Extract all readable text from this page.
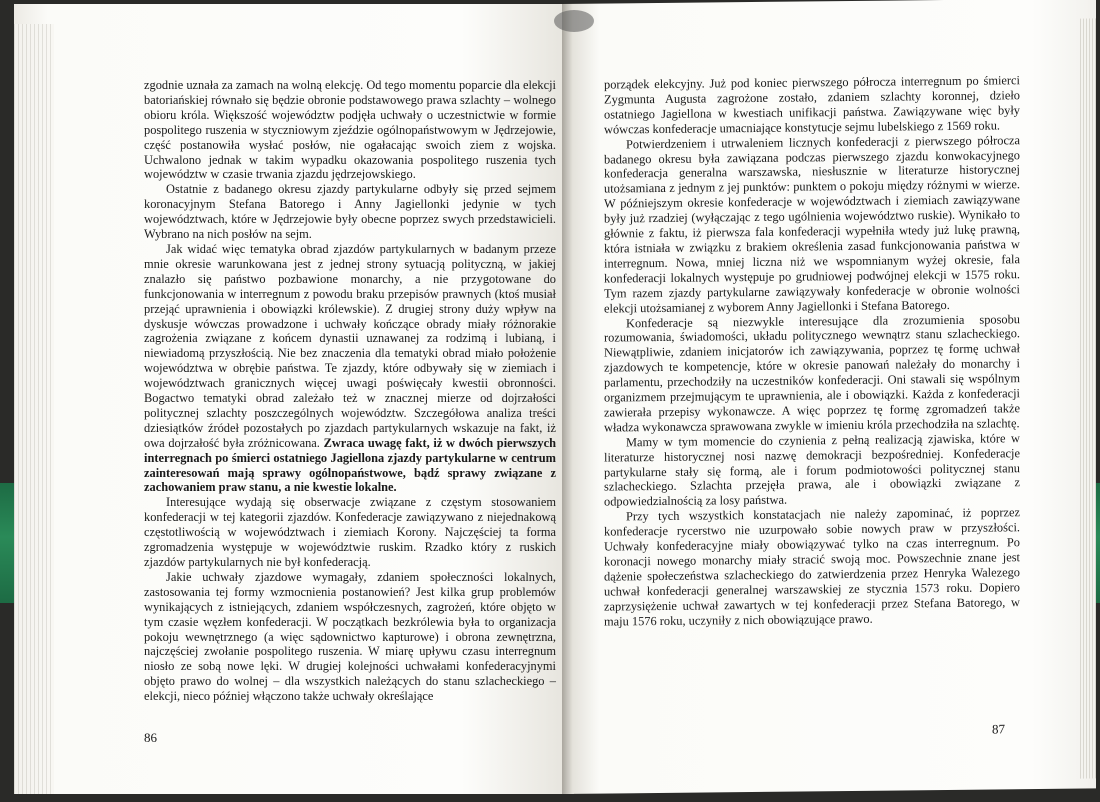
zgodnie uznała za zamach na wolną elekcję. Od tego momentu poparcie dla elekcji batoriańskiej równało się będzie obronie podstawowego prawa szlachty – wolnego obioru króla. Większość województw podjęła uchwały o uczestnictwie w formie pospolitego ruszenia w styczniowym zjeździe ogólnopaństwowym w Jędrzejowie, część postanowiła wysłać posłów, nie ogałacając swoich ziem z wojska. Uchwalono jednak w takim wypadku okazowania pospolitego ruszenia tych województw w czasie trwania zjazdu jędrzejowskiego.

Ostatnie z badanego okresu zjazdy partykularne odbyły się przed sejmem koronacyjnym Stefana Batorego i Anny Jagiellonki jedynie w tych województwach, które w Jędrzejowie były obecne poprzez swych przedstawicieli. Wybrano na nich posłów na sejm.

Jak widać więc tematyka obrad zjazdów partykularnych w badanym przeze mnie okresie warunkowana jest z jednej strony sytuacją polityczną, w jakiej znalazło się państwo pozbawione monarchy, a nie przygotowane do funkcjonowania w interregnum z powodu braku przepisów prawnych (ktoś musiał przejąć uprawnienia i obowiązki królewskie). Z drugiej strony duży wpływ na dyskusje wówczas prowadzone i uchwały kończące obrady miały różnorakie zagrożenia związane z końcem dynastii uznawanej za rodzimą i lubianą, i niewiadomą przyszłością. Nie bez znaczenia dla tematyki obrad miało położenie województwa w obrębie państwa. Te zjazdy, które odbywały się w ziemiach i województwach granicznych więcej uwagi poświęcały kwestii obronności. Bogactwo tematyki obrad zależało też w znacznej mierze od dojrzałości politycznej szlachty poszczególnych województw. Szczegółowa analiza treści dziesiątków źródeł pozostałych po zjazdach partykularnych wskazuje na fakt, iż owa dojrzałość była zróżnicowana. Zwraca uwagę fakt, iż w dwóch pierwszych interregnach po śmierci ostatniego Jagiellona zjazdy partykularne w centrum zainteresowań mają sprawy ogólnopaństwowe, bądź sprawy związane z zachowaniem praw stanu, a nie kwestie lokalne.

Interesujące wydają się obserwacje związane z częstym stosowaniem konfederacji w tej kategorii zjazdów. Konfederacje zawiązywano z niejednakową częstotliwością w województwach i ziemiach Korony. Najczęściej ta forma zgromadzenia występuje w województwie ruskim. Rzadko który z ruskich zjazdów partykularnych nie był konfederacją.

Jakie uchwały zjazdowe wymagały, zdaniem społeczności lokalnych, zastosowania tej formy wzmocnienia postanowień? Jest kilka grup problemów wynikających z istniejących, zdaniem współczesnych, zagrożeń, które objęto w tym czasie węzłem konfederacji. W początkach bezkrólewia była to organizacja pokoju wewnętrznego (a więc sądownictwo kapturowe) i obrona zewnętrzna, najczęściej zwołanie pospolitego ruszenia. W miarę upływu czasu interregnum niosło ze sobą nowe lęki. W drugiej kolejności uchwałami konfederacyjnymi objęto prawo do wolnej – dla wszystkich należących do stanu szlacheckiego – elekcji, nieco później włączono także uchwały określające

86

porządek elekcyjny. Już pod koniec pierwszego półrocza interregnum po śmierci Zygmunta Augusta zagrożone zostało, zdaniem szlachty koronnej, dzieło ostatniego Jagiellona w kwestiach unifikacji państwa. Zawiązywane więc były wówczas konfederacje umacniające konstytucje sejmu lubelskiego z 1569 roku.

Potwierdzeniem i utrwaleniem licznych konfederacji z pierwszego półrocza badanego okresu była zawiązana podczas pierwszego zjazdu konwokacyjnego konfederacja generalna warszawska, niesłusznie w literaturze historycznej utożsamiana z jednym z jej punktów: punktem o pokoju między różnymi w wierze. W późniejszym okresie konfederacje w województwach i ziemiach zawiązywane były już rzadziej (wyłączając z tego ugólnienia województwo ruskie). Wynikało to głównie z faktu, iż pierwsza fala konfederacji wypełniła wtedy już lukę prawną, która istniała w związku z brakiem określenia zasad funkcjonowania państwa w interregnum. Nowa, mniej liczna niż we wspomnianym wyżej okresie, fala konfederacji lokalnych występuje po grudniowej podwójnej elekcji w 1575 roku. Tym razem zjazdy partykularne zawiązywały konfederacje w obronie wolności elekcji utożsamianej z wyborem Anny Jagiellonki i Stefana Batorego.

Konfederacje są niezwykle interesujące dla zrozumienia sposobu rozumowania, świadomości, układu politycznego wewnątrz stanu szlacheckiego. Niewątpliwie, zdaniem inicjatorów ich zawiązywania, poprzez tę formę uchwał zjazdowych te kompetencje, które w okresie panowań należały do monarchy i parlamentu, przechodziły na uczestników konfederacji. Oni stawali się wspólnym organizmem przejmującym te uprawnienia, ale i obowiązki. Każda z konfederacji zawierała przepisy wykonawcze. A więc poprzez tę formę zgromadzeń także władza wykonawcza sprawowana zwykle w imieniu króla przechodziła na szlachtę.

Mamy w tym momencie do czynienia z pełną realizacją zjawiska, które w literaturze historycznej nosi nazwę demokracji bezpośredniej. Konfederacje partykularne stały się formą, ale i forum podmiotowości politycznej stanu szlacheckiego. Szlachta przejęła prawa, ale i obowiązki związane z odpowiedzialnością za losy państwa.

Przy tych wszystkich konstatacjach nie należy zapominać, iż poprzez konfederacje rycerstwo nie uzurpowało sobie nowych praw w przyszłości. Uchwały konfederacyjne miały obowiązywać tylko na czas interregnum. Po koronacji nowego monarchy miały stracić swoją moc. Powszechnie znane jest dążenie społeczeństwa szlacheckiego do zatwierdzenia przez Henryka Walezego uchwał konfederacji generalnej warszawskiej ze stycznia 1573 roku. Dopiero zaprzysiężenie uchwał zawartych w tej konfederacji przez Stefana Batorego, w maju 1576 roku, uczyniły z nich obowiązujące prawo.

87
